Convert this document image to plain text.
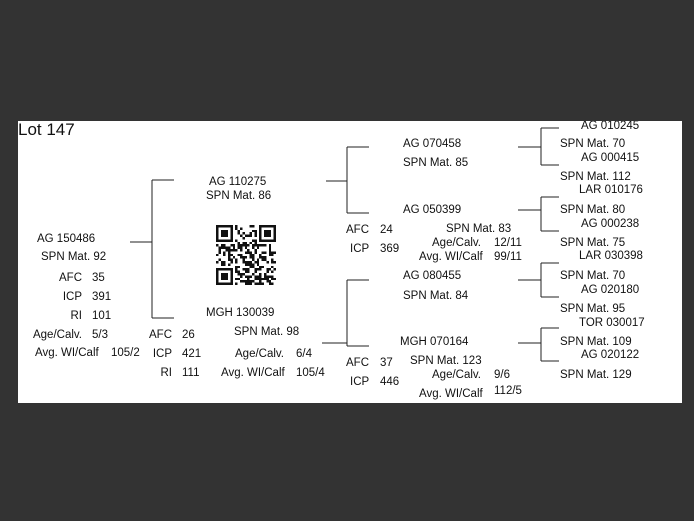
Lot 147
AG 150486
SPN Mat. 92
AFC 35
ICP 391
RI 101
Age/Calv. 5/3
Avg. WI/Calf 105/2
AG 110275
SPN Mat. 86
MGH 130039
SPN Mat. 98
AFC 26
ICP 421
RI 111
Age/Calv. 6/4
Avg. WI/Calf 105/4
AG 070458
SPN Mat. 85
AG 050399
SPN Mat. 83
AFC 24
ICP 369	Age/Calv. 12/11
Avg. WI/Calf 99/11
AG 080455
SPN Mat. 84
MGH 070164
SPN Mat. 123
AFC 37
ICP 446
Age/Calv. 9/6
Avg. WI/Calf 112/5
AG 010245
SPN Mat. 70
AG 000415
SPN Mat. 112
LAR 010176
SPN Mat. 80
AG 000238
SPN Mat. 75
LAR 030398
SPN Mat. 70
AG 020180
SPN Mat. 95
TOR 030017
SPN Mat. 109
AG 020122
SPN Mat. 129
